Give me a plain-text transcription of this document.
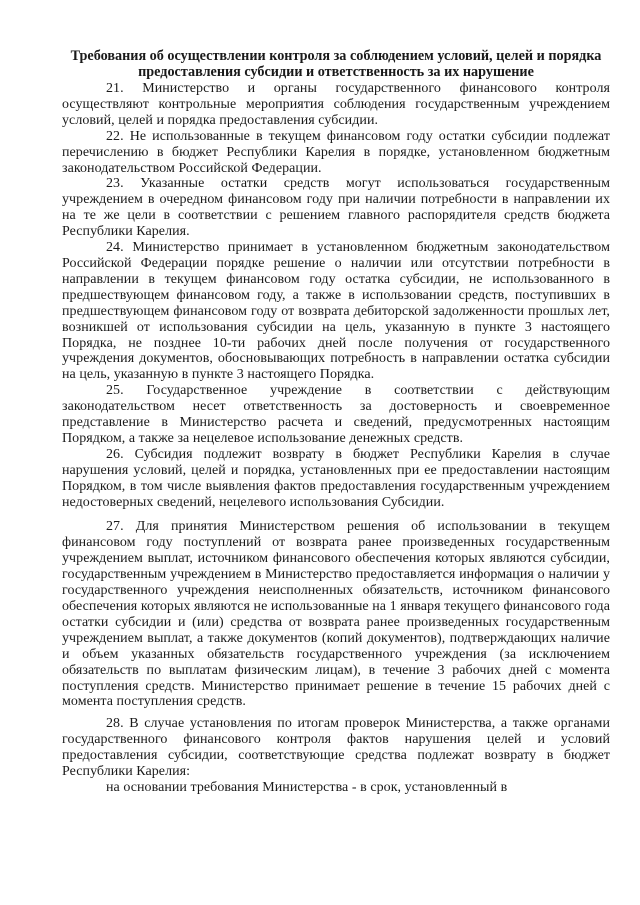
Требования об осуществлении контроля за соблюдением условий, целей и порядка предоставления субсидии и ответственность за их нарушение

21. Министерство и органы государственного финансового контроля осуществляют контрольные мероприятия соблюдения государственным учреждением условий, целей и порядка предоставления субсидии.

22. Не использованные в текущем финансовом году остатки субсидии подлежат перечислению в бюджет Республики Карелия в порядке, установленном бюджетным законодательством Российской Федерации.

23. Указанные остатки средств могут использоваться государственным учреждением в очередном финансовом году при наличии потребности в направлении их на те же цели в соответствии с решением главного распорядителя средств бюджета Республики Карелия.

24. Министерство принимает в установленном бюджетным законодательством Российской Федерации порядке решение о наличии или отсутствии потребности в направлении в текущем финансовом году остатка субсидии, не использованного в предшествующем финансовом году, а также в использовании средств, поступивших в предшествующем финансовом году от возврата дебиторской задолженности прошлых лет, возникшей от использования субсидии на цель, указанную в пункте 3 настоящего Порядка, не позднее 10-ти рабочих дней после получения от государственного учреждения документов, обосновывающих потребность в направлении остатка субсидии на цель, указанную в пункте 3 настоящего Порядка.

25. Государственное учреждение в соответствии с действующим законодательством несет ответственность за достоверность и своевременное представление в Министерство расчета и сведений, предусмотренных настоящим Порядком, а также за нецелевое использование денежных средств.

26. Субсидия подлежит возврату в бюджет Республики Карелия в случае нарушения условий, целей и порядка, установленных при ее предоставлении настоящим Порядком, в том числе выявления фактов предоставления государственным учреждением недостоверных сведений, нецелевого использования Субсидии.

27. Для принятия Министерством решения об использовании в текущем финансовом году поступлений от возврата ранее произведенных государственным учреждением выплат, источником финансового обеспечения которых являются субсидии, государственным учреждением в Министерство предоставляется информация о наличии у государственного учреждения неисполненных обязательств, источником финансового обеспечения которых являются не использованные на 1 января текущего финансового года остатки субсидии и (или) средства от возврата ранее произведенных государственным учреждением выплат, а также документов (копий документов), подтверждающих наличие и объем указанных обязательств государственного учреждения (за исключением обязательств по выплатам физическим лицам), в течение 3 рабочих дней с момента поступления средств. Министерство принимает решение в течение 15 рабочих дней с момента поступления средств.

28. В случае установления по итогам проверок Министерства, а также органами государственного финансового контроля фактов нарушения целей и условий предоставления субсидии, соответствующие средства подлежат возврату в бюджет Республики Карелия:

на основании требования Министерства - в срок, установленный в
